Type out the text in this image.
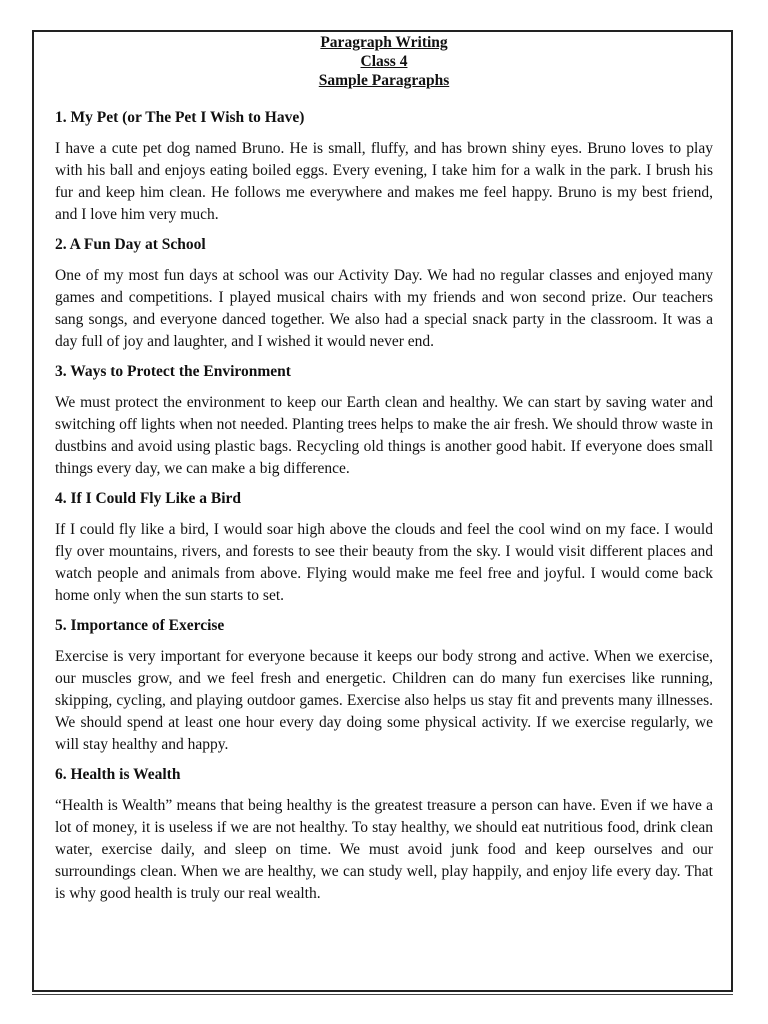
Paragraph Writing
Class 4
Sample Paragraphs

1. My Pet (or The Pet I Wish to Have)

I have a cute pet dog named Bruno. He is small, fluffy, and has brown shiny eyes. Bruno loves to play with his ball and enjoys eating boiled eggs. Every evening, I take him for a walk in the park. I brush his fur and keep him clean. He follows me everywhere and makes me feel happy. Bruno is my best friend, and I love him very much.

2. A Fun Day at School

One of my most fun days at school was our Activity Day. We had no regular classes and enjoyed many games and competitions. I played musical chairs with my friends and won second prize. Our teachers sang songs, and everyone danced together. We also had a special snack party in the classroom. It was a day full of joy and laughter, and I wished it would never end.

3. Ways to Protect the Environment

We must protect the environment to keep our Earth clean and healthy. We can start by saving water and switching off lights when not needed. Planting trees helps to make the air fresh. We should throw waste in dustbins and avoid using plastic bags. Recycling old things is another good habit. If everyone does small things every day, we can make a big difference.

4. If I Could Fly Like a Bird

If I could fly like a bird, I would soar high above the clouds and feel the cool wind on my face. I would fly over mountains, rivers, and forests to see their beauty from the sky. I would visit different places and watch people and animals from above. Flying would make me feel free and joyful. I would come back home only when the sun starts to set.

5. Importance of Exercise

Exercise is very important for everyone because it keeps our body strong and active. When we exercise, our muscles grow, and we feel fresh and energetic. Children can do many fun exercises like running, skipping, cycling, and playing outdoor games. Exercise also helps us stay fit and prevents many illnesses. We should spend at least one hour every day doing some physical activity. If we exercise regularly, we will stay healthy and happy.

6. Health is Wealth

“Health is Wealth” means that being healthy is the greatest treasure a person can have. Even if we have a lot of money, it is useless if we are not healthy. To stay healthy, we should eat nutritious food, drink clean water, exercise daily, and sleep on time. We must avoid junk food and keep ourselves and our surroundings clean. When we are healthy, we can study well, play happily, and enjoy life every day. That is why good health is truly our real wealth.
